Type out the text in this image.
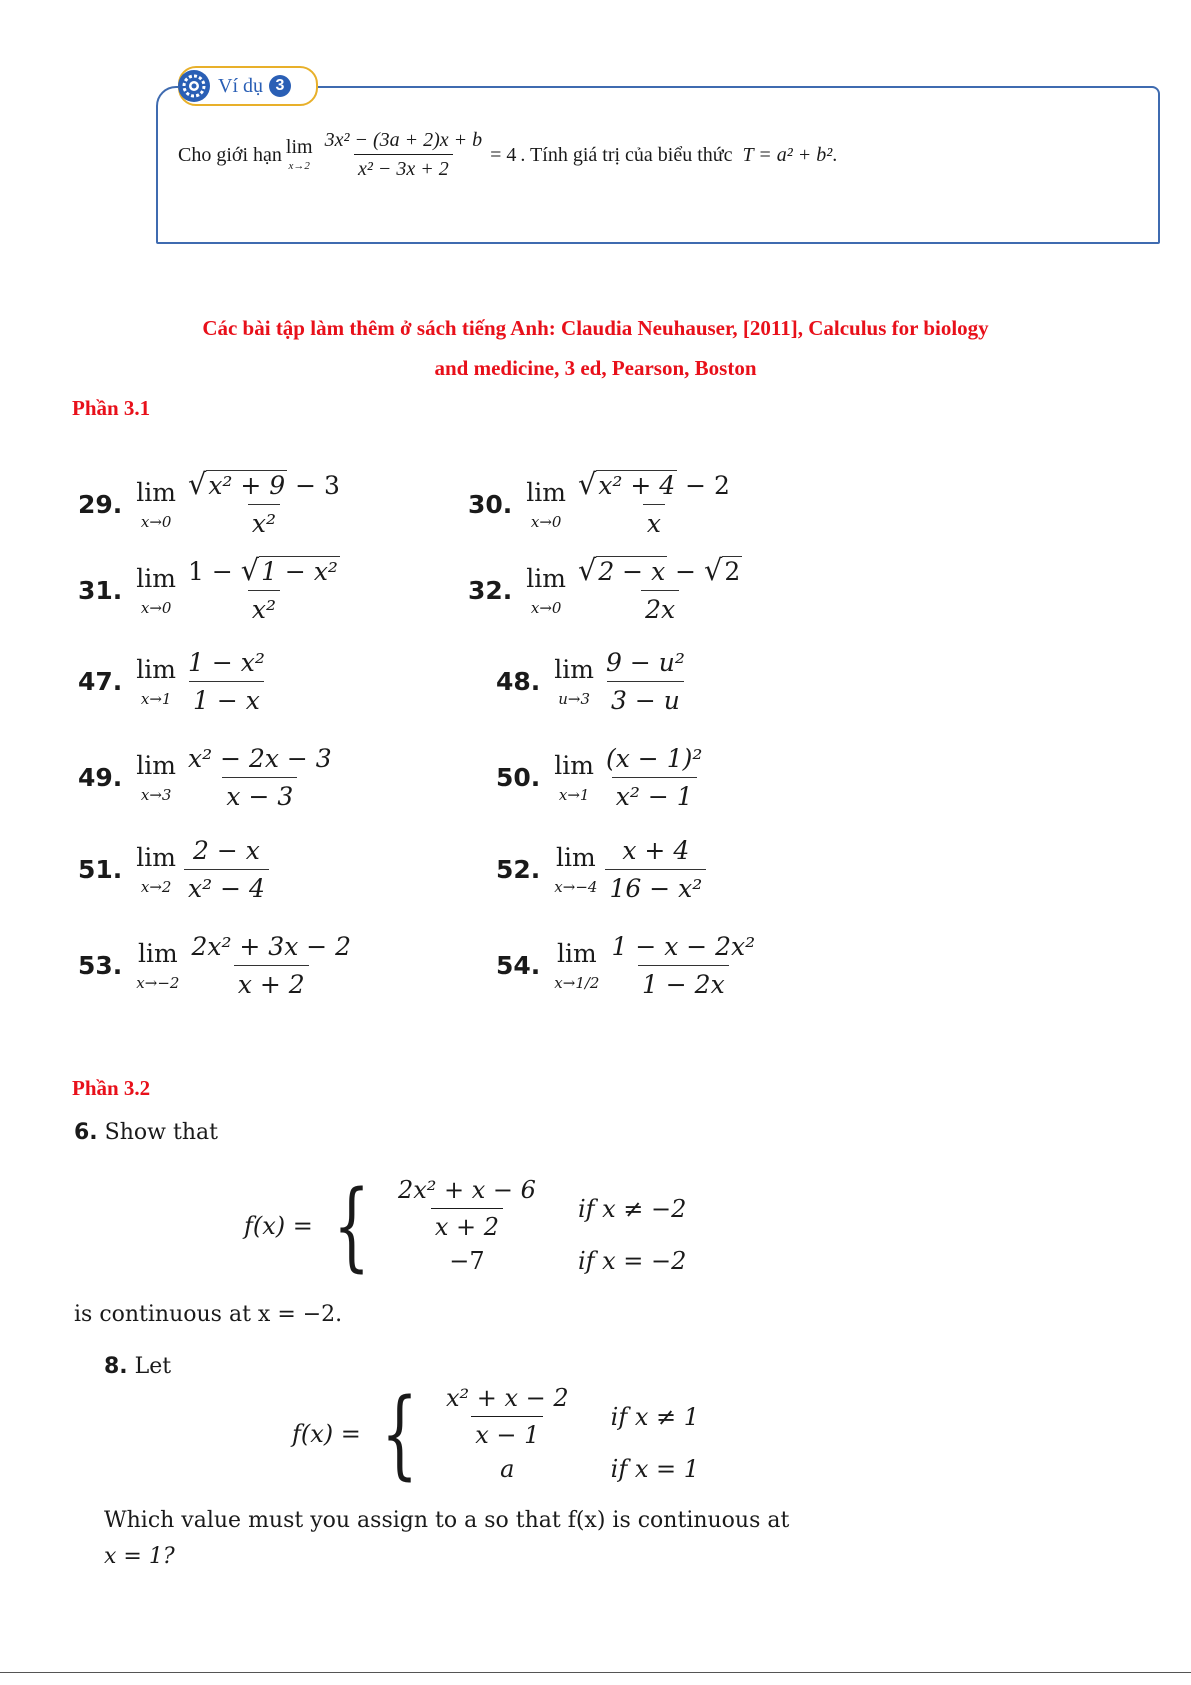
Ví dụ 3
Cho giới hạn lim
$x\to 2 \frac{\text{3x² − (3a + 2)x + b}}{\text{x² − 3x + 2}} = 4$ . Tính giá trị của biểu thức T = a² + b² .
Các bài tập làm thêm ở sách tiếng Anh: Claudia Neuhauser, [2011], Calculus for biology
and medicine, 3 ed, Pearson, Boston
Phần 3.1
29. lim
$x\to 0 \frac{\text{√ x² + 9 − 3}}{\text{x²}}$	30. lim
$x\to 0 \frac{\text{√ x² + 4 − 2}}{x}$
31. lim
$x\to 0 \frac{\text{1 − √ 1 − x²}}{\text{x²}}$	32. lim
$x\to 0 \frac{√ 2 - x - √ 2}{2x}$
47. lim
$x\to 1 \frac{\text{1 − x²}}{1 - x}$	48. lim
$u\to 3 \frac{\text{9 − u²}}{3 - u}$
49. lim
$x\to 3 \frac{\text{x² − 2x − 3}}{x - 3}$	50. lim
$x\to 1 \frac{\text{(x − 1)²}}{\text{x² − 1}}$
51. lim
$x\to 2 \frac{2 - x}{\text{x² − 4}}$	52. lim
$x\to-4 \frac{x + 4}{\text{16 − x²}}$
53. lim
$x\to-2 \frac{\text{2x² + 3x − 2}}{x + 2}$	54. lim
$x\to 1/2 \frac{\text{1 − x − 2x²}}{1 - 2x}$
Phần 3.2
6. Show that
f(x) = { $\frac{\text{2x² + x − 6}}{x + 2}$ if x ≠ −2
−7	if x = −2
is continuous at x = −2.
8. Let
f(x) = { $\frac{\text{x² + x − 2}}{x - 1}$ if x ≠ 1
a	if x = 1
Which value must you assign to a so that f(x) is continuous at
x = 1?
